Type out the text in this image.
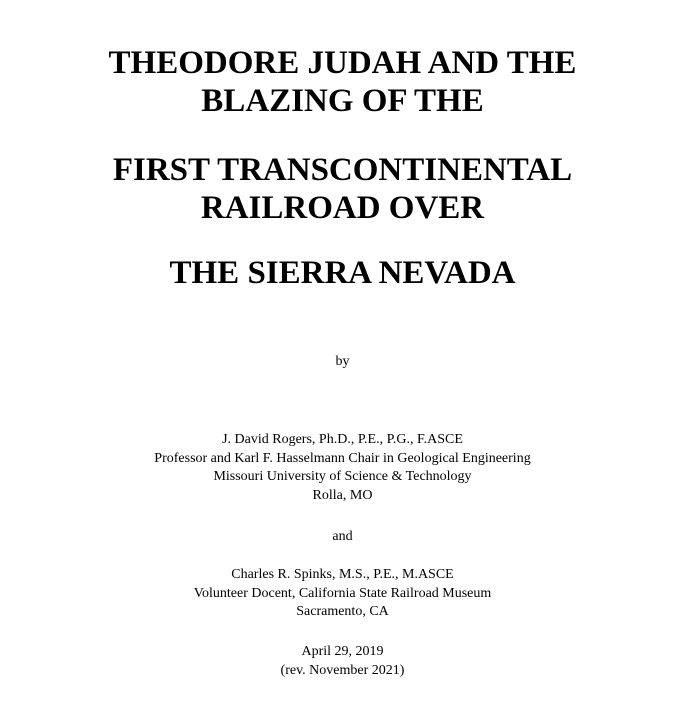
THEODORE JUDAH AND THE
BLAZING OF THE
FIRST TRANSCONTINENTAL
RAILROAD OVER
THE SIERRA NEVADA
by
J. David Rogers, Ph.D., P.E., P.G., F.ASCE
Professor and Karl F. Hasselmann Chair in Geological Engineering
Missouri University of Science & Technology
Rolla, MO
and
Charles R. Spinks, M.S., P.E., M.ASCE
Volunteer Docent, California State Railroad Museum
Sacramento, CA
April 29, 2019
(rev. November 2021)
